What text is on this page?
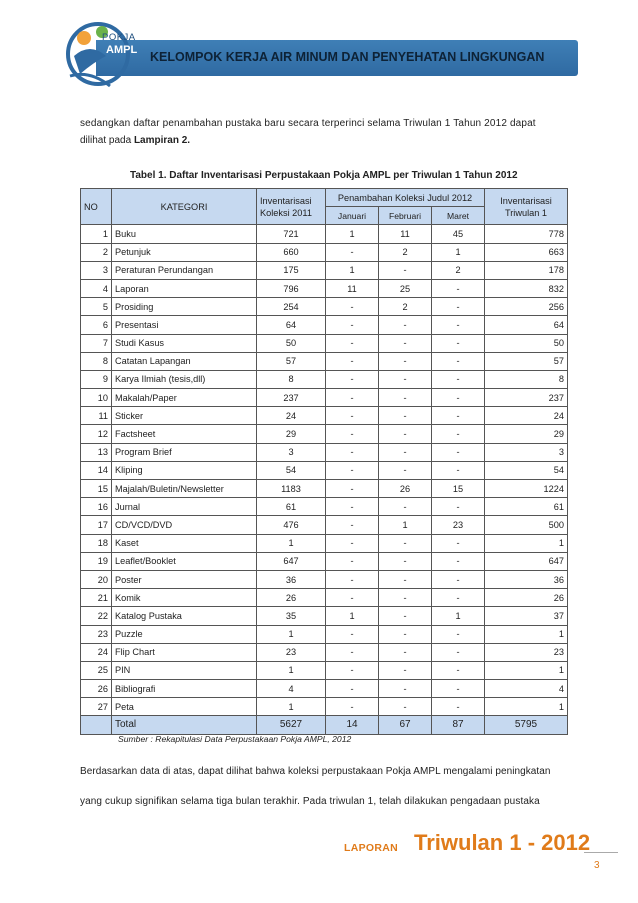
POKJA
AMPL KELOMPOK KERJA AIR MINUM DAN PENYEHATAN LINGKUNGAN
sedangkan daftar penambahan pustaka baru secara terperinci selama Triwulan 1 Tahun 2012 dapat
dilihat pada Lampiran 2.
Tabel 1. Daftar Inventarisasi Perpustakaan Pokja AMPL per Triwulan 1 Tahun 2012
NO	KATEGORI	Inventarisasi Koleksi 2011	Penambahan Koleksi Judul 2012			Inventarisasi Triwulan 1
			Januari	Februari	Maret	
1	Buku	721	1	11	45	778
2	Petunjuk	660	-	2	1	663
3	Peraturan Perundangan	175	1	-	2	178
4	Laporan	796	11	25	-	832
5	Prosiding	254	-	2	-	256
6	Presentasi	64	-	-	-	64
7	Studi Kasus	50	-	-	-	50
8	Catatan Lapangan	57	-	-	-	57
9	Karya Ilmiah (tesis,dll)	8	-	-	-	8
10	Makalah/Paper	237	-	-	-	237
11	Sticker	24	-	-	-	24
12	Factsheet	29	-	-	-	29
13	Program Brief	3	-	-	-	3
14	Kliping	54	-	-	-	54
15	Majalah/Buletin/Newsletter	1183	-	26	15	1224
16	Jurnal	61	-	-	-	61
17	CD/VCD/DVD	476	-	1	23	500
18	Kaset	1	-	-	-	1
19	Leaflet/Booklet	647	-	-	-	647
20	Poster	36	-	-	-	36
21	Komik	26	-	-	-	26
22	Katalog Pustaka	35	1	-	1	37
23	Puzzle	1	-	-	-	1
24	Flip Chart	23	-	-	-	23
25	PIN	1	-	-	-	1
26	Bibliografi	4	-	-	-	4
27	Peta	1	-	-	-	1
	Total	5627	14	67	87	5795
Sumber : Rekapitulasi Data Perpustakaan Pokja AMPL, 2012
Berdasarkan data di atas, dapat dilihat bahwa koleksi perpustakaan Pokja AMPL mengalami peningkatan
yang cukup signifikan selama tiga bulan terakhir. Pada triwulan 1, telah dilakukan pengadaan pustaka
LAPORAN Triwulan 1 - 2012
3
